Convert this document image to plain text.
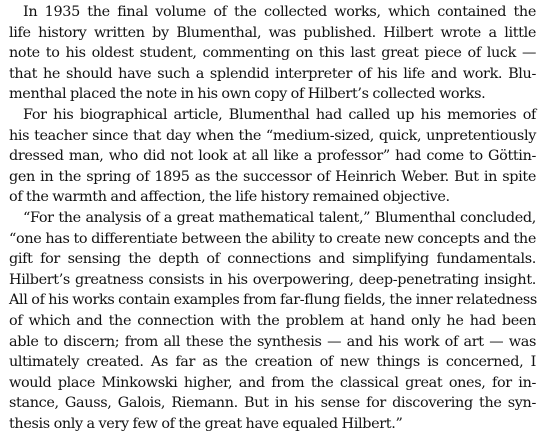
In 1935 the final volume of the collected works, which contained the
life history written by Blumenthal, was published. Hilbert wrote a little
note to his oldest student, commenting on this last great piece of luck —
that he should have such a splendid interpreter of his life and work. Blu-
menthal placed the note in his own copy of Hilbert’s collected works.
For his biographical article, Blumenthal had called up his memories of
his teacher since that day when the “medium-sized, quick, unpretentiously
dressed man, who did not look at all like a professor” had come to Göttin-
gen in the spring of 1895 as the successor of Heinrich Weber. But in spite
of the warmth and affection, the life history remained objective.
“For the analysis of a great mathematical talent,” Blumenthal concluded,
“one has to differentiate between the ability to create new concepts and the
gift for sensing the depth of connections and simplifying fundamentals.
Hilbert’s greatness consists in his overpowering, deep-penetrating insight.
All of his works contain examples from far-flung fields, the inner relatedness
of which and the connection with the problem at hand only he had been
able to discern; from all these the synthesis — and his work of art — was
ultimately created. As far as the creation of new things is concerned, I
would place Minkowski higher, and from the classical great ones, for in-
stance, Gauss, Galois, Riemann. But in his sense for discovering the syn-
thesis only a very few of the great have equaled Hilbert.”
